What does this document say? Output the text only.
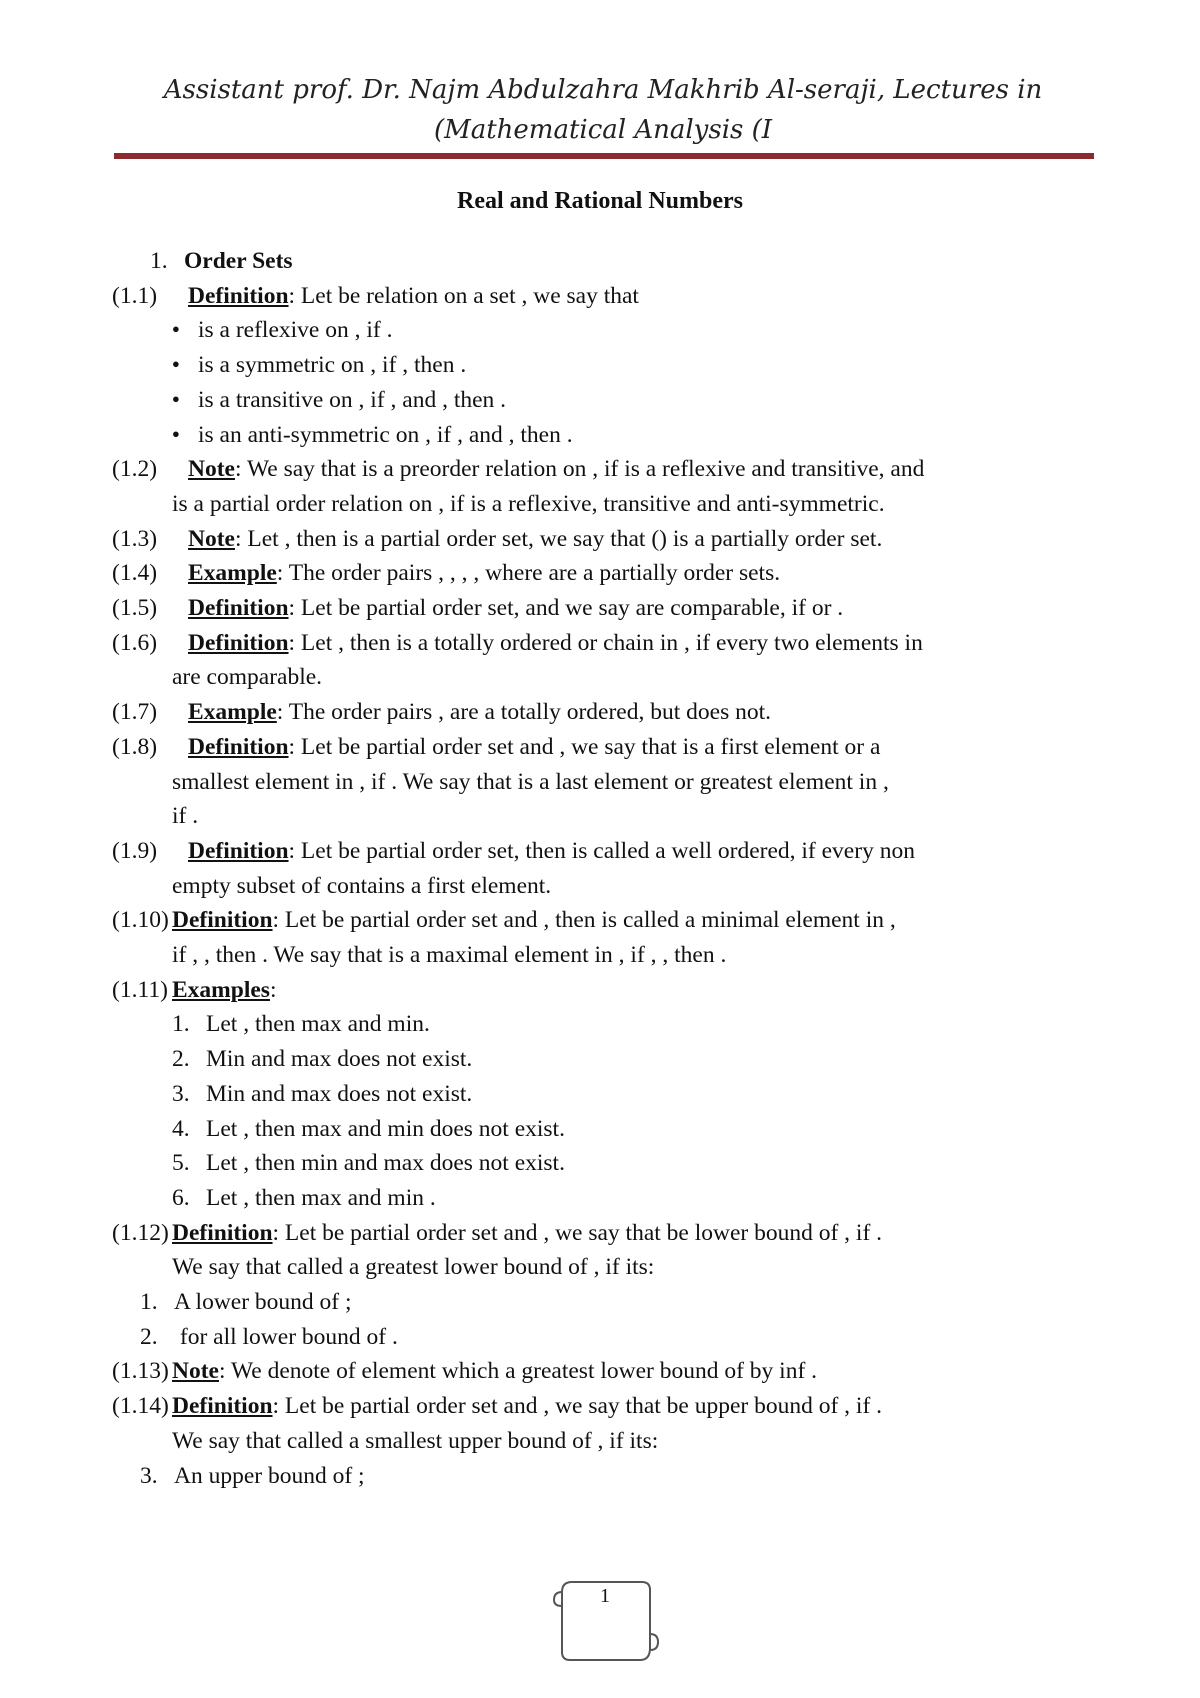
Assistant prof. Dr. Najm Abdulzahra Makhrib Al-seraji, Lectures in
(Mathematical Analysis (I
Real and Rational Numbers
1. Order Sets
(1.1) Definition: Let be relation on a set , we say that
• is a reflexive on , if .
• is a symmetric on , if , then .
• is a transitive on , if , and , then .
• is an anti-symmetric on , if , and , then .
(1.2) Note: We say that is a preorder relation on , if is a reflexive and transitive, and
is a partial order relation on , if is a reflexive, transitive and anti-symmetric.
(1.3) Note: Let , then is a partial order set, we say that () is a partially order set.
(1.4) Example: The order pairs , , , , where are a partially order sets.
(1.5) Definition: Let be partial order set, and we say are comparable, if or .
(1.6) Definition: Let , then is a totally ordered or chain in , if every two elements in
are comparable.
(1.7) Example: The order pairs , are a totally ordered, but does not.
(1.8) Definition: Let be partial order set and , we say that is a first element or a
smallest element in , if . We say that is a last element or greatest element in ,
if .
(1.9) Definition: Let be partial order set, then is called a well ordered, if every non
empty subset of contains a first element.
(1.10) Definition: Let be partial order set and , then is called a minimal element in ,
if , , then . We say that is a maximal element in , if , , then .
(1.11) Examples:
1. Let , then max and min.
2. Min and max does not exist.
3. Min and max does not exist.
4. Let , then max and min does not exist.
5. Let , then min and max does not exist.
6. Let , then max and min .
(1.12) Definition: Let be partial order set and , we say that be lower bound of , if .
We say that called a greatest lower bound of , if its:
1. A lower bound of ;
2. for all lower bound of .
(1.13) Note: We denote of element which a greatest lower bound of by inf .
(1.14) Definition: Let be partial order set and , we say that be upper bound of , if .
We say that called a smallest upper bound of , if its:
3. An upper bound of ;
1
